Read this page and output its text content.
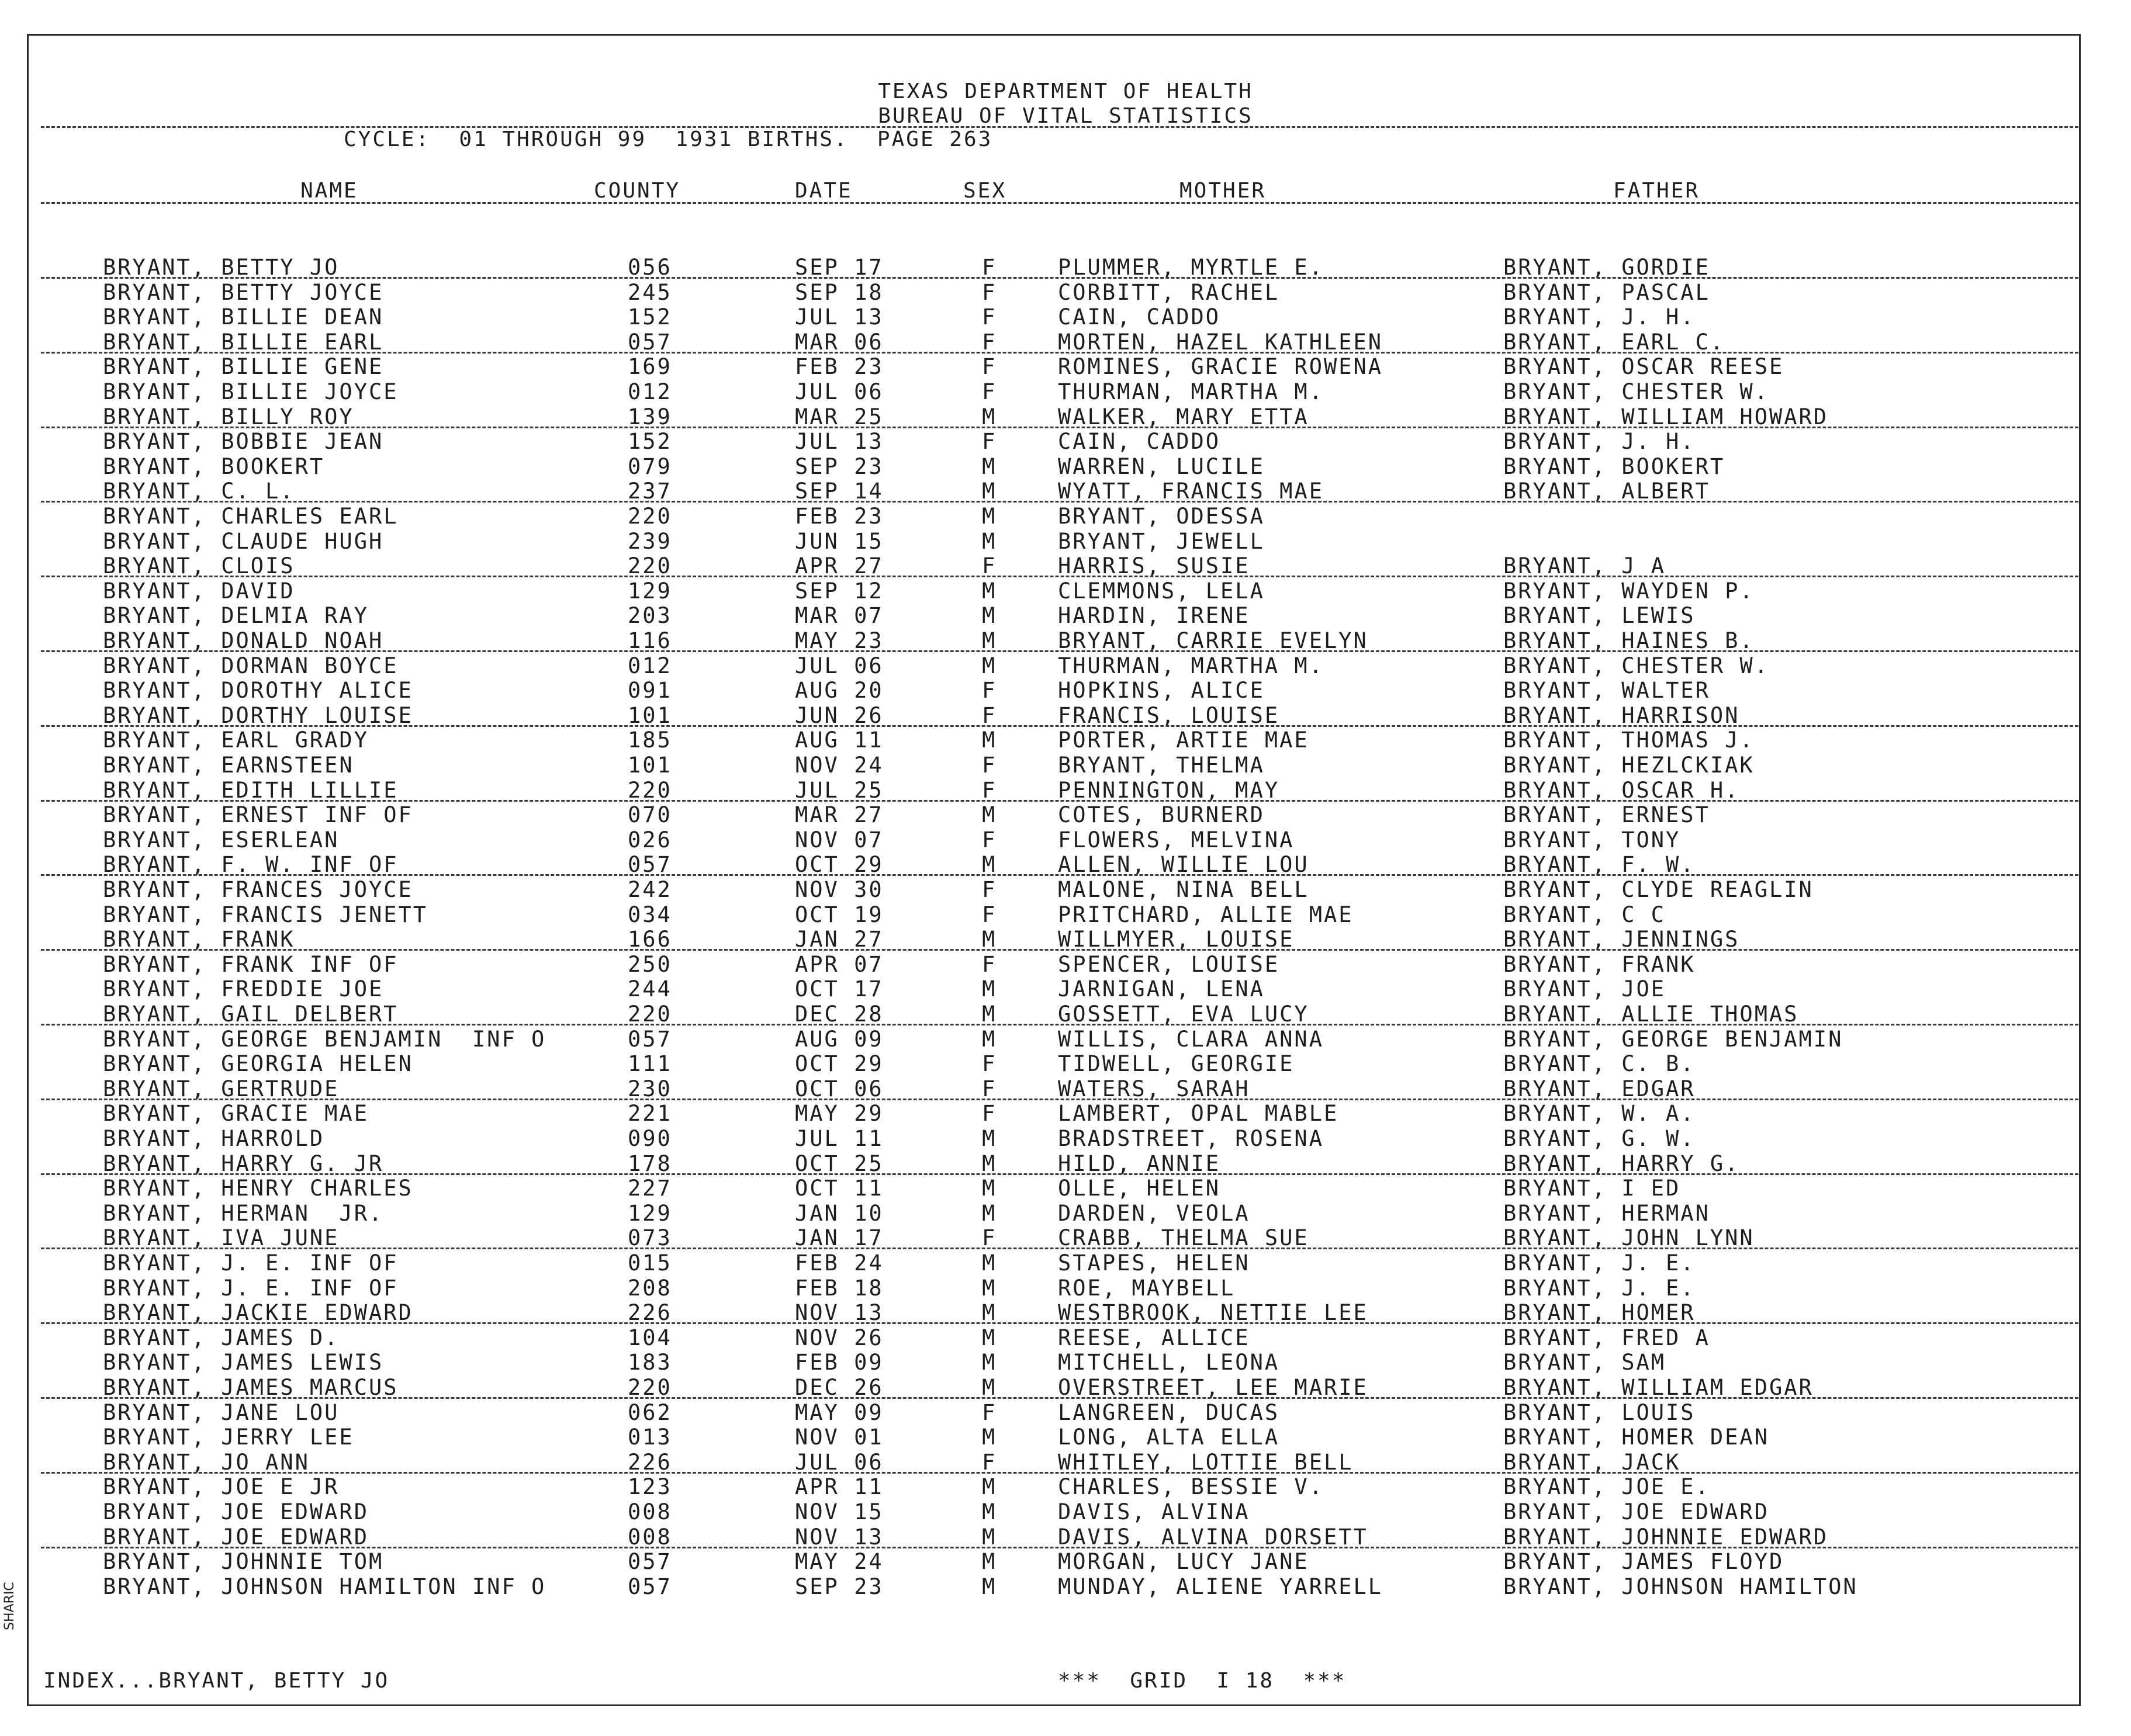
TEXAS DEPARTMENT OF HEALTH
BUREAU OF VITAL STATISTICS
CYCLE:  01 THROUGH 99  1931 BIRTHS.  PAGE 263
NAME	COUNTY	DATE	SEX	MOTHER	FATHER
BRYANT, BETTY JO	056	SEP 17	F	PLUMMER, MYRTLE E.	BRYANT, GORDIE
BRYANT, BETTY JOYCE	245	SEP 18	F	CORBITT, RACHEL	BRYANT, PASCAL
BRYANT, BILLIE DEAN	152	JUL 13	F	CAIN, CADDO	BRYANT, J. H.
BRYANT, BILLIE EARL	057	MAR 06	F	MORTEN, HAZEL KATHLEEN	BRYANT, EARL C.
BRYANT, BILLIE GENE	169	FEB 23	F	ROMINES, GRACIE ROWENA	BRYANT, OSCAR REESE
BRYANT, BILLIE JOYCE	012	JUL 06	F	THURMAN, MARTHA M.	BRYANT, CHESTER W.
BRYANT, BILLY ROY	139	MAR 25	M	WALKER, MARY ETTA	BRYANT, WILLIAM HOWARD
BRYANT, BOBBIE JEAN	152	JUL 13	F	CAIN, CADDO	BRYANT, J. H.
BRYANT, BOOKERT	079	SEP 23	M	WARREN, LUCILE	BRYANT, BOOKERT
BRYANT, C. L.	237	SEP 14	M	WYATT, FRANCIS MAE	BRYANT, ALBERT
BRYANT, CHARLES EARL	220	FEB 23	M	BRYANT, ODESSA
BRYANT, CLAUDE HUGH	239	JUN 15	M	BRYANT, JEWELL
BRYANT, CLOIS	220	APR 27	F	HARRIS, SUSIE	BRYANT, J A
BRYANT, DAVID	129	SEP 12	M	CLEMMONS, LELA	BRYANT, WAYDEN P.
BRYANT, DELMIA RAY	203	MAR 07	M	HARDIN, IRENE	BRYANT, LEWIS
BRYANT, DONALD NOAH	116	MAY 23	M	BRYANT, CARRIE EVELYN	BRYANT, HAINES B.
BRYANT, DORMAN BOYCE	012	JUL 06	M	THURMAN, MARTHA M.	BRYANT, CHESTER W.
BRYANT, DOROTHY ALICE	091	AUG 20	F	HOPKINS, ALICE	BRYANT, WALTER
BRYANT, DORTHY LOUISE	101	JUN 26	F	FRANCIS, LOUISE	BRYANT, HARRISON
BRYANT, EARL GRADY	185	AUG 11	M	PORTER, ARTIE MAE	BRYANT, THOMAS J.
BRYANT, EARNSTEEN	101	NOV 24	F	BRYANT, THELMA	BRYANT, HEZLCKIAK
BRYANT, EDITH LILLIE	220	JUL 25	F	PENNINGTON, MAY	BRYANT, OSCAR H.
BRYANT, ERNEST INF OF	070	MAR 27	M	COTES, BURNERD	BRYANT, ERNEST
BRYANT, ESERLEAN	026	NOV 07	F	FLOWERS, MELVINA	BRYANT, TONY
BRYANT, F. W. INF OF	057	OCT 29	M	ALLEN, WILLIE LOU	BRYANT, F. W.
BRYANT, FRANCES JOYCE	242	NOV 30	F	MALONE, NINA BELL	BRYANT, CLYDE REAGLIN
BRYANT, FRANCIS JENETT	034	OCT 19	F	PRITCHARD, ALLIE MAE	BRYANT, C C
BRYANT, FRANK	166	JAN 27	M	WILLMYER, LOUISE	BRYANT, JENNINGS
BRYANT, FRANK INF OF	250	APR 07	F	SPENCER, LOUISE	BRYANT, FRANK
BRYANT, FREDDIE JOE	244	OCT 17	M	JARNIGAN, LENA	BRYANT, JOE
BRYANT, GAIL DELBERT	220	DEC 28	M	GOSSETT, EVA LUCY	BRYANT, ALLIE THOMAS
BRYANT, GEORGE BENJAMIN  INF O	057	AUG 09	M	WILLIS, CLARA ANNA	BRYANT, GEORGE BENJAMIN
BRYANT, GEORGIA HELEN	111	OCT 29	F	TIDWELL, GEORGIE	BRYANT, C. B.
BRYANT, GERTRUDE	230	OCT 06	F	WATERS, SARAH	BRYANT, EDGAR
BRYANT, GRACIE MAE	221	MAY 29	F	LAMBERT, OPAL MABLE	BRYANT, W. A.
BRYANT, HARROLD	090	JUL 11	M	BRADSTREET, ROSENA	BRYANT, G. W.
BRYANT, HARRY G. JR	178	OCT 25	M	HILD, ANNIE	BRYANT, HARRY G.
BRYANT, HENRY CHARLES	227	OCT 11	M	OLLE, HELEN	BRYANT, I ED
BRYANT, HERMAN  JR.	129	JAN 10	M	DARDEN, VEOLA	BRYANT, HERMAN
BRYANT, IVA JUNE	073	JAN 17	F	CRABB, THELMA SUE	BRYANT, JOHN LYNN
BRYANT, J. E. INF OF	015	FEB 24	M	STAPES, HELEN	BRYANT, J. E.
BRYANT, J. E. INF OF	208	FEB 18	M	ROE, MAYBELL	BRYANT, J. E.
BRYANT, JACKIE EDWARD	226	NOV 13	M	WESTBROOK, NETTIE LEE	BRYANT, HOMER
BRYANT, JAMES D.	104	NOV 26	M	REESE, ALLICE	BRYANT, FRED A
BRYANT, JAMES LEWIS	183	FEB 09	M	MITCHELL, LEONA	BRYANT, SAM
BRYANT, JAMES MARCUS	220	DEC 26	M	OVERSTREET, LEE MARIE	BRYANT, WILLIAM EDGAR
BRYANT, JANE LOU	062	MAY 09	F	LANGREEN, DUCAS	BRYANT, LOUIS
BRYANT, JERRY LEE	013	NOV 01	M	LONG, ALTA ELLA	BRYANT, HOMER DEAN
BRYANT, JO ANN	226	JUL 06	F	WHITLEY, LOTTIE BELL	BRYANT, JACK
BRYANT, JOE E JR	123	APR 11	M	CHARLES, BESSIE V.	BRYANT, JOE E.
BRYANT, JOE EDWARD	008	NOV 15	M	DAVIS, ALVINA	BRYANT, JOE EDWARD
BRYANT, JOE EDWARD	008	NOV 13	M	DAVIS, ALVINA DORSETT	BRYANT, JOHNNIE EDWARD
BRYANT, JOHNNIE TOM	057	MAY 24	M	MORGAN, LUCY JANE	BRYANT, JAMES FLOYD
BRYANT, JOHNSON HAMILTON INF O	057	SEP 23	M	MUNDAY, ALIENE YARRELL	BRYANT, JOHNSON HAMILTON
INDEX...BRYANT, BETTY JO	***  GRID  I 18  ***
SHARIC
